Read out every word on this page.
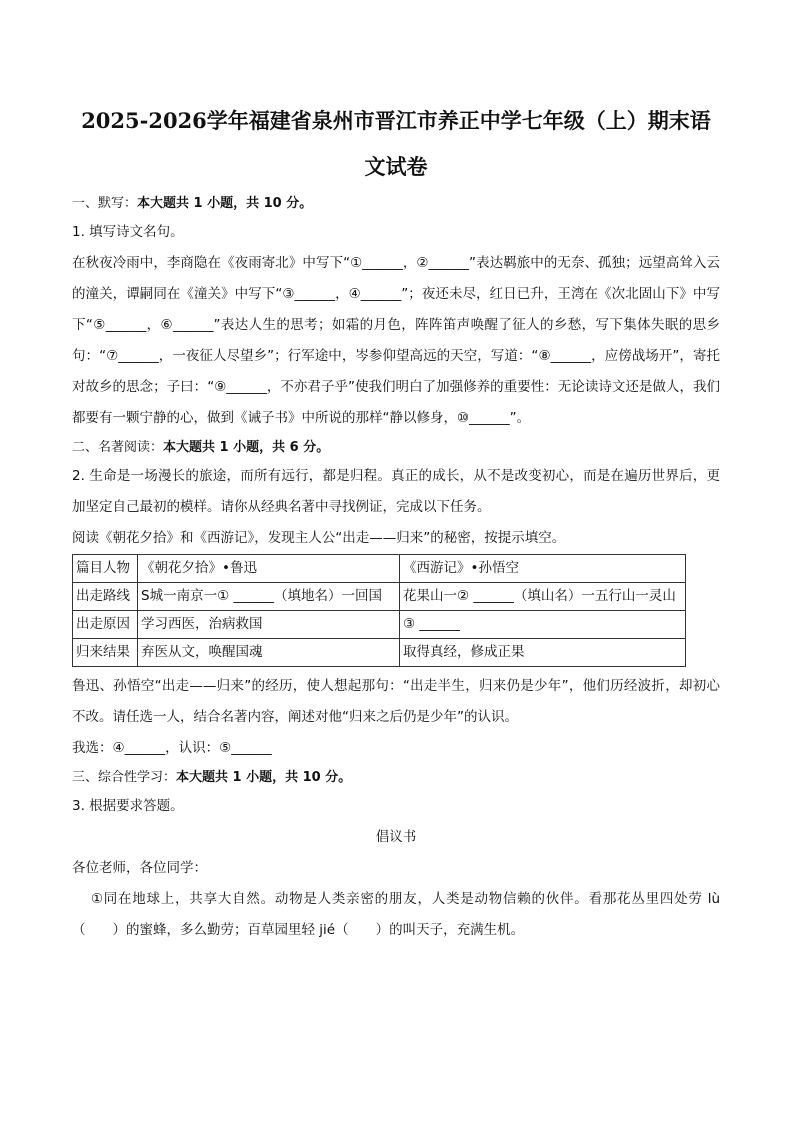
2025-2026学年福建省泉州市晋江市养正中学七年级（上）期末语文试卷

一、默写：本大题共 1 小题，共 10 分。

1. 填写诗文名句。

在秋夜冷雨中，李商隐在《夜雨寄北》中写下“①______，②______”表达羁旅中的无奈、孤独；远望高耸入云的潼关，谭嗣同在《潼关》中写下“③______，④______”；夜还未尽，红日已升，王湾在《次北固山下》中写下“⑤______，⑥______”表达人生的思考；如霜的月色，阵阵笛声唤醒了征人的乡愁，写下集体失眠的思乡句：“⑦______，一夜征人尽望乡”；行军途中，岑参仰望高远的天空，写道：“⑧______，应傍战场开”，寄托对故乡的思念；子曰：“⑨______，不亦君子乎”使我们明白了加强修养的重要性：无论读诗文还是做人，我们都要有一颗宁静的心，做到《诫子书》中所说的那样“静以修身，⑩______”。

二、名著阅读：本大题共 1 小题，共 6 分。

2. 生命是一场漫长的旅途，而所有远行，都是归程。真正的成长，从不是改变初心，而是在遍历世界后，更加坚定自己最初的模样。请你从经典名著中寻找例证，完成以下任务。

阅读《朝花夕拾》和《西游记》，发现主人公“出走——归来”的秘密，按提示填空。

篇目人物	《朝花夕拾》•鲁迅	《西游记》•孙悟空
出走路线	S城一南京一① ______（填地名）一回国	花果山一② ______（填山名）一五行山一灵山
出走原因	学习西医，治病救国	③ ______
归来结果	弃医从文，唤醒国魂	取得真经，修成正果

鲁迅、孙悟空“出走——归来”的经历，使人想起那句：“出走半生，归来仍是少年”，他们历经波折，却初心不改。请任选一人，结合名著内容，阐述对他“归来之后仍是少年”的认识。

我选：④______，认识：⑤______

三、综合性学习：本大题共 1 小题，共 10 分。

3. 根据要求答题。

倡议书

各位老师，各位同学：

①同在地球上，共享大自然。动物是人类亲密的朋友，人类是动物信赖的伙伴。看那花丛里四处劳 lù（　　）的蜜蜂，多么勤劳；百草园里轻 jié（　　）的叫天子，充满生机。
